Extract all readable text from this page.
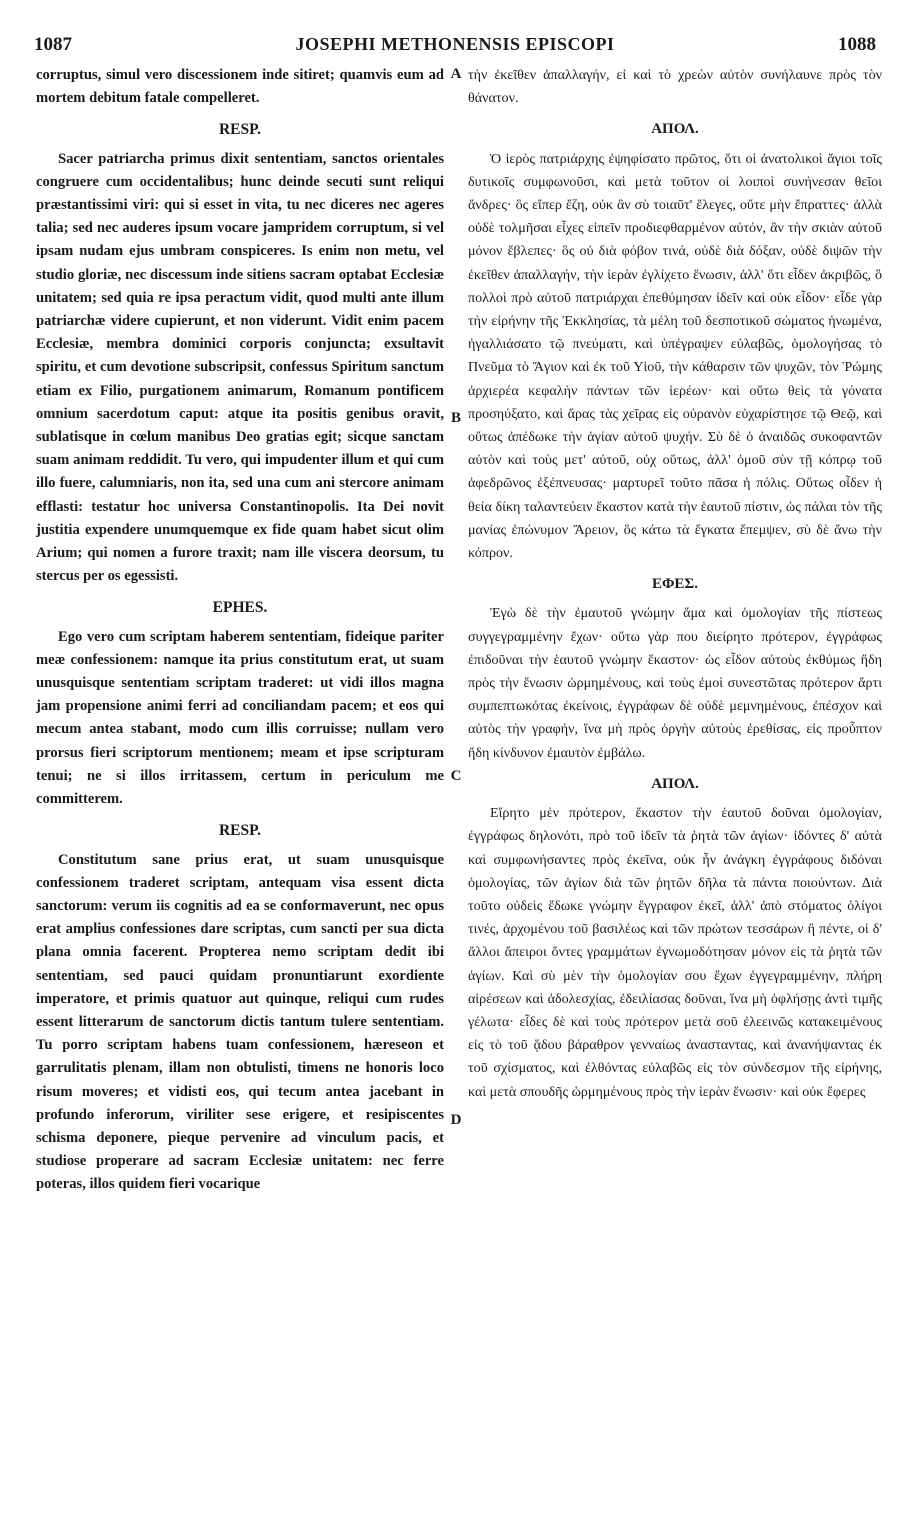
1087	JOSEPHI METHONENSIS EPISCOPI	1088
A
B
C
D

corruptus, simul vero discessionem inde sitiret; quamvis eum ad mortem debitum fatale compelleret.

RESP.

Sacer patriarcha primus dixit sententiam, sanctos orientales congruere cum occidentalibus; hunc deinde secuti sunt reliqui præstantissimi viri: qui si esset in vita, tu nec diceres nec ageres talia; sed nec auderes ipsum vocare jampridem corruptum, si vel ipsam nudam ejus umbram conspiceres. Is enim non metu, vel studio gloriæ, nec discessum inde sitiens sacram optabat Ecclesiæ unitatem; sed quia re ipsa peractum vidit, quod multi ante illum patriarchæ videre cupierunt, et non viderunt. Vidit enim pacem Ecclesiæ, membra dominici corporis conjuncta; exsultavit spiritu, et cum devotione subscripsit, confessus Spiritum sanctum etiam ex Filio, purgationem animarum, Romanum pontificem omnium sacerdotum caput: atque ita positis genibus oravit, sublatisque in cœlum manibus Deo gratias egit; sicque sanctam suam animam reddidit. Tu vero, qui impudenter illum et qui cum illo fuere, calumniaris, non ita, sed una cum ani stercore animam efflasti: testatur hoc universa Constantinopolis. Ita Dei novit justitia expendere unumquemque ex fide quam habet sicut olim Arium; qui nomen a furore traxit; nam ille viscera deorsum, tu stercus per os egessisti.

EPHES.

Ego vero cum scriptam haberem sententiam, fideique pariter meæ confessionem: namque ita prius constitutum erat, ut suam unusquisque sententiam scriptam traderet: ut vidi illos magna jam propensione animi ferri ad conciliandam pacem; et eos qui mecum antea stabant, modo cum illis corruisse; nullam vero prorsus fieri scriptorum mentionem; meam et ipse scripturam tenui; ne si illos irritassem, certum in periculum me committerem.

RESP.

Constitutum sane prius erat, ut suam unusquisque confessionem traderet scriptam, antequam visa essent dicta sanctorum: verum iis cognitis ad ea se conformaverunt, nec opus erat amplius confessiones dare scriptas, cum sancti per sua dicta plana omnia facerent. Propterea nemo scriptam dedit ibi sententiam, sed pauci quidam pronuntiarunt exordiente imperatore, et primis quatuor aut quinque, reliqui cum rudes essent litterarum de sanctorum dictis tantum tulere sententiam. Tu porro scriptam habens tuam confessionem, hæreseon et garrulitatis plenam, illam non obtulisti, timens ne honoris loco risum moveres; et vidisti eos, qui tecum antea jacebant in profundo inferorum, viriliter sese erigere, et resipiscentes schisma deponere, pieque pervenire ad vinculum pacis, et studiose properare ad sacram Ecclesiæ unitatem: nec ferre poteras, illos quidem fieri vocarique

τὴν ἐκεῖθεν ἀπαλλαγήν, εἰ καὶ τὸ χρεὼν αὐτὸν συνήλαυνε πρὸς τὸν θάνατον.

ΑΠΟΛ.

Ὁ ἱερὸς πατριάρχης ἐψηφίσατο πρῶτος, ὅτι οἱ ἀνατολικοὶ ἅγιοι τοῖς δυτικοῖς συμφωνοῦσι, καὶ μετὰ τοῦτον οἱ λοιποὶ συνήνεσαν θεῖοι ἄνδρες· ὃς εἴπερ ἔζη, οὐκ ἂν σὺ τοιαῦτ' ἔλεγες, οὔτε μὴν ἔπραττες· ἀλλὰ οὐδὲ τολμῆσαι εἶχες εἰπεῖν προδιεφθαρμένον αὐτόν, ἂν τὴν σκιὰν αὐτοῦ μόνον ἔβλεπες· ὃς οὐ διὰ φόβον τινά, οὐδὲ διὰ δόξαν, οὐδὲ διψῶν τὴν ἐκεῖθεν ἀπαλλαγήν, τὴν ἱερὰν ἐγλίχετο ἕνωσιν, ἀλλ' ὅτι εἶδεν ἀκριβῶς, ὃ πολλοὶ πρὸ αὐτοῦ πατριάρχαι ἐπεθύμησαν ἰδεῖν καὶ οὐκ εἶδον· εἶδε γὰρ τὴν εἰρήνην τῆς Ἐκκλησίας, τὰ μέλη τοῦ δεσποτικοῦ σώματος ἡνωμένα, ἠγαλλιάσατο τῷ πνεύματι, καὶ ὑπέγραψεν εὐλαβῶς, ὁμολογήσας τὸ Πνεῦμα τὸ Ἅγιον καὶ ἐκ τοῦ Υἱοῦ, τὴν κάθαρσιν τῶν ψυχῶν, τὸν Ῥώμης ἀρχιερέα κεφαλὴν πάντων τῶν ἱερέων· καὶ οὕτω θεὶς τὰ γόνατα προσηύξατο, καὶ ἄρας τὰς χεῖρας εἰς οὐρανὸν εὐχαρίστησε τῷ Θεῷ, καὶ οὕτως ἀπέδωκε τὴν ἁγίαν αὐτοῦ ψυχήν. Σὺ δὲ ὁ ἀναιδῶς συκοφαντῶν αὐτὸν καὶ τοὺς μετ' αὐτοῦ, οὐχ οὕτως, ἀλλ' ὁμοῦ σὺν τῇ κόπρῳ τοῦ ἀφεδρῶνος ἐξέπνευσας· μαρτυρεῖ τοῦτο πᾶσα ἡ πόλις. Οὕτως οἶδεν ἡ θεία δίκη ταλαντεύειν ἕκαστον κατὰ τὴν ἑαυτοῦ πίστιν, ὡς πάλαι τὸν τῆς μανίας ἐπώνυμον Ἄρειον, ὃς κάτω τὰ ἔγκατα ἔπεμψεν, σὺ δὲ ἄνω τὴν κόπρον.

ΕΦΕΣ.

Ἐγὼ δὲ τὴν ἐμαυτοῦ γνώμην ἅμα καὶ ὁμολογίαν τῆς πίστεως συγγεγραμμένην ἔχων· οὕτω γὰρ που διείρητο πρότερον, ἐγγράφως ἐπιδοῦναι τὴν ἑαυτοῦ γνώμην ἕκαστον· ὡς εἶδον αὐτοὺς ἐκθύμως ἤδη πρὸς τὴν ἕνωσιν ὡρμημένους, καὶ τοὺς ἐμοὶ συνεστῶτας πρότερον ἄρτι συμπεπτωκότας ἐκείνοις, ἐγγράφων δὲ οὐδὲ μεμνημένους, ἐπέσχον καὶ αὐτὸς τὴν γραφήν, ἵνα μὴ πρὸς ὀργὴν αὐτοὺς ἐρεθίσας, εἰς προὖπτον ἤδη κίνδυνον ἐμαυτὸν ἐμβάλω.

ΑΠΟΛ.

Εἴρητο μὲν πρότερον, ἕκαστον τὴν ἑαυτοῦ δοῦναι ὁμολογίαν, ἐγγράφως δηλονότι, πρὸ τοῦ ἰδεῖν τὰ ῥητὰ τῶν ἁγίων· ἰδόντες δ' αὐτὰ καὶ συμφωνήσαντες πρὸς ἐκεῖνα, οὐκ ἦν ἀνάγκη ἐγγράφους διδόναι ὁμολογίας, τῶν ἁγίων διὰ τῶν ῥητῶν δῆλα τὰ πάντα ποιούντων. Διὰ τοῦτο οὐδεὶς ἔδωκε γνώμην ἔγγραφον ἐκεῖ, ἀλλ' ἀπὸ στόματος ὀλίγοι τινές, ἀρχομένου τοῦ βασιλέως καὶ τῶν πρώτων τεσσάρων ἢ πέντε, οἱ δ' ἄλλοι ἄπειροι ὄντες γραμμάτων ἐγνωμοδότησαν μόνον εἰς τὰ ῥητὰ τῶν ἁγίων. Καὶ σὺ μὲν τὴν ὁμολογίαν σου ἔχων ἐγγεγραμμένην, πλήρη αἱρέσεων καὶ ἀδολεσχίας, ἐδειλίασας δοῦναι, ἵνα μὴ ὀφλήσῃς ἀντὶ τιμῆς γέλωτα· εἶδες δὲ καὶ τοὺς πρότερον μετὰ σοῦ ἐλεεινῶς κατακειμένους εἰς τὸ τοῦ ᾅδου βάραθρον γενναίως ἀνασταντας, καὶ ἀνανήψαντας ἐκ τοῦ σχίσματος, καὶ ἐλθόντας εὐλαβῶς εἰς τὸν σύνδεσμον τῆς εἰρήνης, καὶ μετὰ σπουδῆς ὡρμημένους πρὸς τὴν ἱερὰν ἕνωσιν· καὶ οὐκ ἔφερες
